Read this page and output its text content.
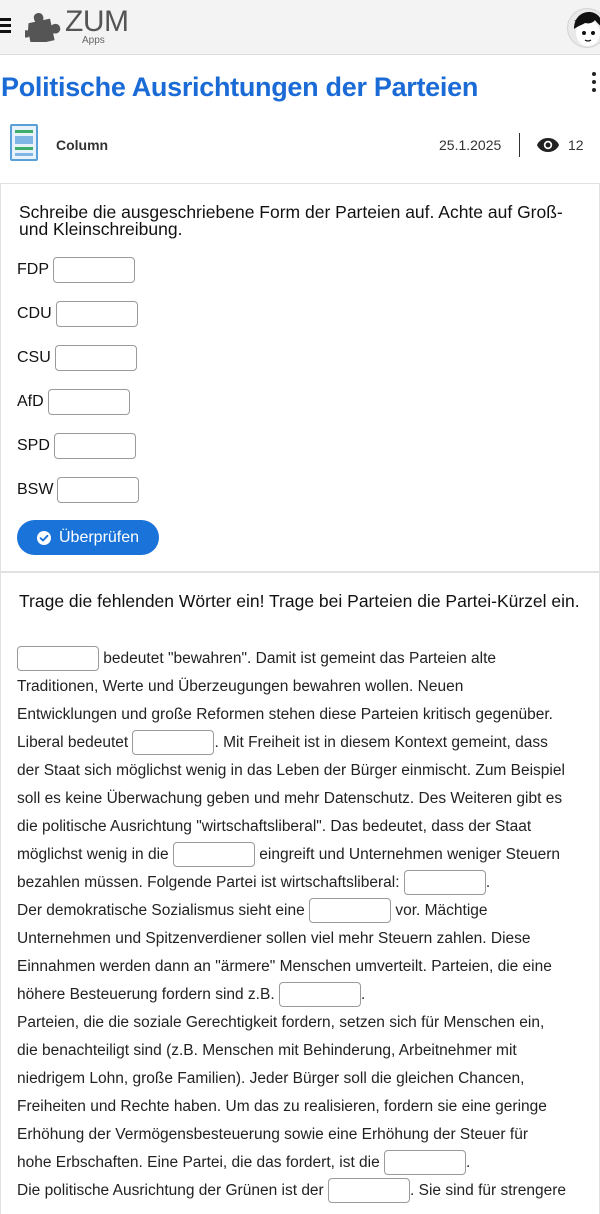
ZUM
Apps
Politische Ausrichtungen der Parteien
Column	25.1.2025	12

Schreibe die ausgeschriebene Form der Parteien auf. Achte auf Groß- und Kleinschreibung.

FDP
CDU
CSU
AfD
SPD
BSW
Überprüfen

Trage die fehlenden Wörter ein! Trage bei Parteien die Partei-Kürzel ein.

bedeutet "bewahren". Damit ist gemeint das Parteien alte
Traditionen, Werte und Überzeugungen bewahren wollen. Neuen
Entwicklungen und große Reformen stehen diese Parteien kritisch gegenüber.
Liberal bedeutet	. Mit Freiheit ist in diesem Kontext gemeint, dass
der Staat sich möglichst wenig in das Leben der Bürger einmischt. Zum Beispiel
soll es keine Überwachung geben und mehr Datenschutz. Des Weiteren gibt es
die politische Ausrichtung "wirtschaftsliberal". Das bedeutet, dass der Staat
möglichst wenig in die	eingreift und Unternehmen weniger Steuern
bezahlen müssen. Folgende Partei ist wirtschaftsliberal:	.
Der demokratische Sozialismus sieht eine	vor. Mächtige
Unternehmen und Spitzenverdiener sollen viel mehr Steuern zahlen. Diese
Einnahmen werden dann an "ärmere" Menschen umverteilt. Parteien, die eine
höhere Besteuerung fordern sind z.B.	.
Parteien, die die soziale Gerechtigkeit fordern, setzen sich für Menschen ein,
die benachteiligt sind (z.B. Menschen mit Behinderung, Arbeitnehmer mit
niedrigem Lohn, große Familien). Jeder Bürger soll die gleichen Chancen,
Freiheiten und Rechte haben. Um das zu realisieren, fordern sie eine geringe
Erhöhung der Vermögensbesteuerung sowie eine Erhöhung der Steuer für
hohe Erbschaften. Eine Partei, die das fordert, ist die	.
Die politische Ausrichtung der Grünen ist der	. Sie sind für strengere
